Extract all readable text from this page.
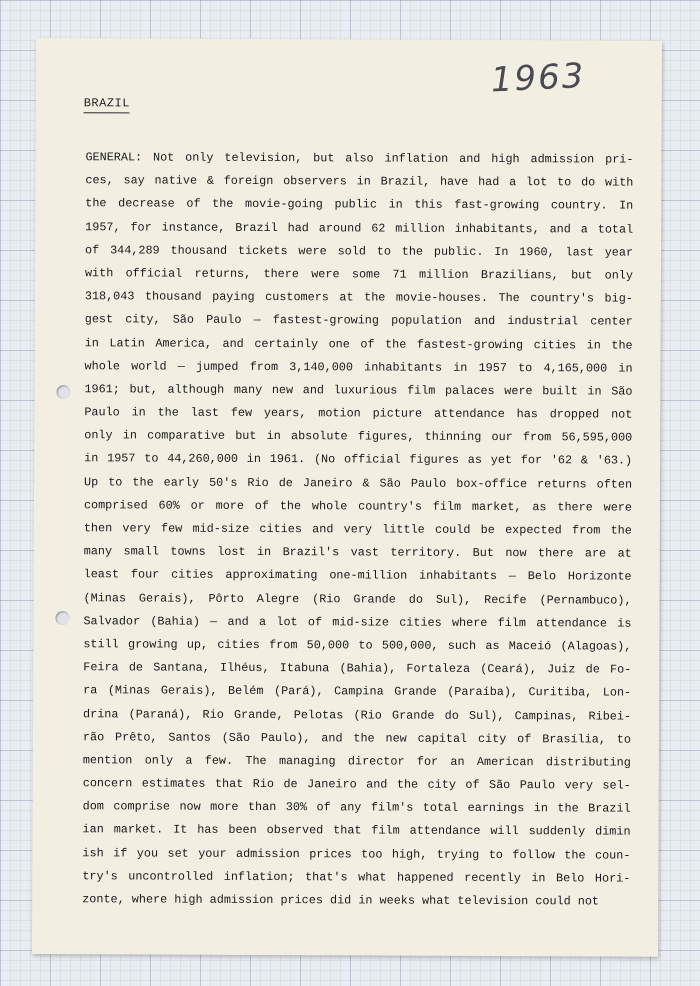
1963
BRAZIL
GENERAL: Not only television, but also inflation and high admission pri-
ces, say native & foreign observers in Brazil, have had a lot to do with
the decrease of the movie-going public in this fast-growing country. In
1957, for instance, Brazil had around 62 million inhabitants, and a total
of 344,289 thousand tickets were sold to the public. In 1960, last year
with official returns, there were some 71 million Brazilians, but only
318,043 thousand paying customers at the movie-houses. The country's big-
gest city, São Paulo — fastest-growing population and industrial center
in Latin America, and certainly one of the fastest-growing cities in the
whole world — jumped from 3,140,000 inhabitants in 1957 to 4,165,000 in
1961; but, although many new and luxurious film palaces were built in São
Paulo in the last few years, motion picture attendance has dropped not
only in comparative but in absolute figures, thinning our from 56,595,000
in 1957 to 44,260,000 in 1961. (No official figures as yet for '62 & '63.)
Up to the early 50's Rio de Janeiro & São Paulo box-office returns often
comprised 60% or more of the whole country's film market, as there were
then very few mid-size cities and very little could be expected from the
many small towns lost in Brazil's vast territory. But now there are at
least four cities approximating one-million inhabitants — Belo Horizonte
(Minas Gerais), Pôrto Alegre (Rio Grande do Sul), Recife (Pernambuco),
Salvador (Bahia) — and a lot of mid-size cities where film attendance is
still growing up, cities from 50,000 to 500,000, such as Maceió (Alagoas),
Feira de Santana, Ilhéus, Itabuna (Bahia), Fortaleza (Ceará), Juiz de Fo-
ra (Minas Gerais), Belém (Pará), Campina Grande (Paraíba), Curitiba, Lon-
drina (Paraná), Rio Grande, Pelotas (Rio Grande do Sul), Campinas, Ribei-
rão Prêto, Santos (São Paulo), and the new capital city of Brasília, to
mention only a few. The managing director for an American distributing
concern estimates that Rio de Janeiro and the city of São Paulo very sel-
dom comprise now more than 30% of any film's total earnings in the Brazil
ian market. It has been observed that film attendance will suddenly dimin
ish if you set your admission prices too high, trying to follow the coun-
try's uncontrolled inflation; that's what happened recently in Belo Hori-
zonte, where high admission prices did in weeks what television could not
